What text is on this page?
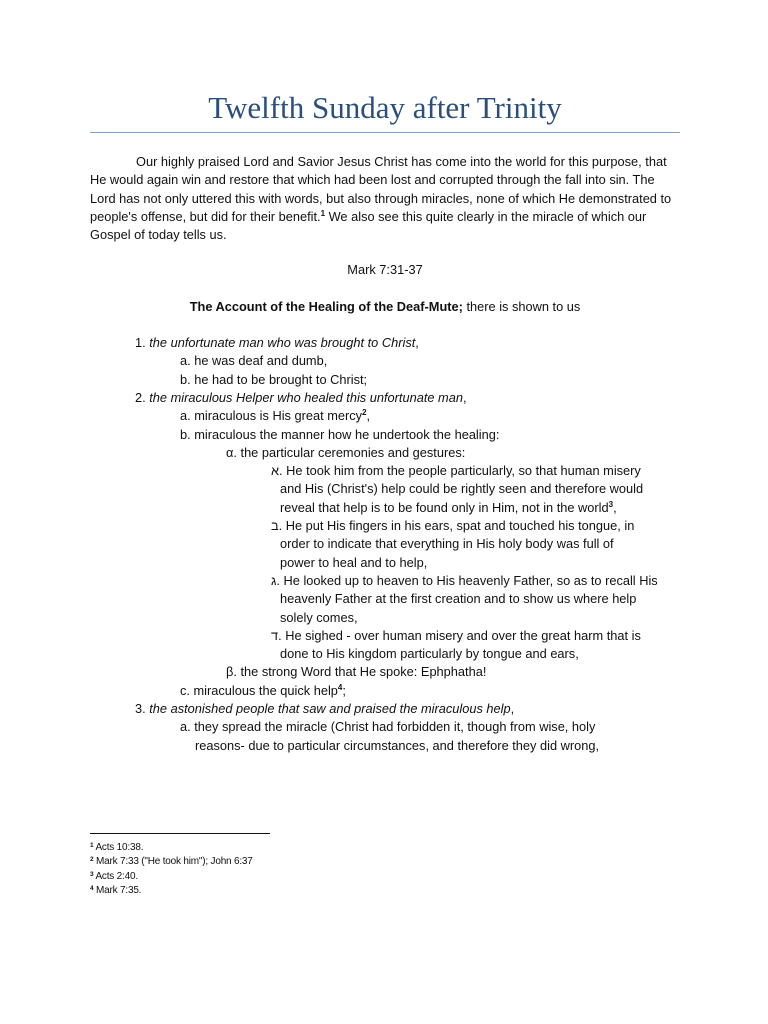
Twelfth Sunday after Trinity

Our highly praised Lord and Savior Jesus Christ has come into the world for this purpose, that He would again win and restore that which had been lost and corrupted through the fall into sin. The Lord has not only uttered this with words, but also through miracles, none of which He demonstrated to people's offense, but did for their benefit.$^1$ We also see this quite clearly in the miracle of which our Gospel of today tells us.

Mark 7:31-37

The Account of the Healing of the Deaf-Mute; there is shown to us

1. the unfortunate man who was brought to Christ,
a. he was deaf and dumb,
b. he had to be brought to Christ;
2. the miraculous Helper who healed this unfortunate man,
a. miraculous is His great mercy$^2$,
b. miraculous the manner how he undertook the healing:
α. the particular ceremonies and gestures:
א. He took him from the people particularly, so that human misery
and His (Christ's) help could be rightly seen and therefore would
reveal that help is to be found only in Him, not in the world$^3$,
ב. He put His fingers in his ears, spat and touched his tongue, in
order to indicate that everything in His holy body was full of
power to heal and to help,
ג. He looked up to heaven to His heavenly Father, so as to recall His
heavenly Father at the first creation and to show us where help
solely comes,
ד. He sighed - over human misery and over the great harm that is
done to His kingdom particularly by tongue and ears,
β. the strong Word that He spoke: Ephphatha!
c. miraculous the quick help$^4$;
3. the astonished people that saw and praised the miraculous help,
a. they spread the miracle (Christ had forbidden it, though from wise, holy
reasons- due to particular circumstances, and therefore they did wrong,
$^1$ Acts 10:38.
$^2$ Mark 7:33 ("He took him"); John 6:37
$^3$ Acts 2:40.
$^4$ Mark 7:35.
